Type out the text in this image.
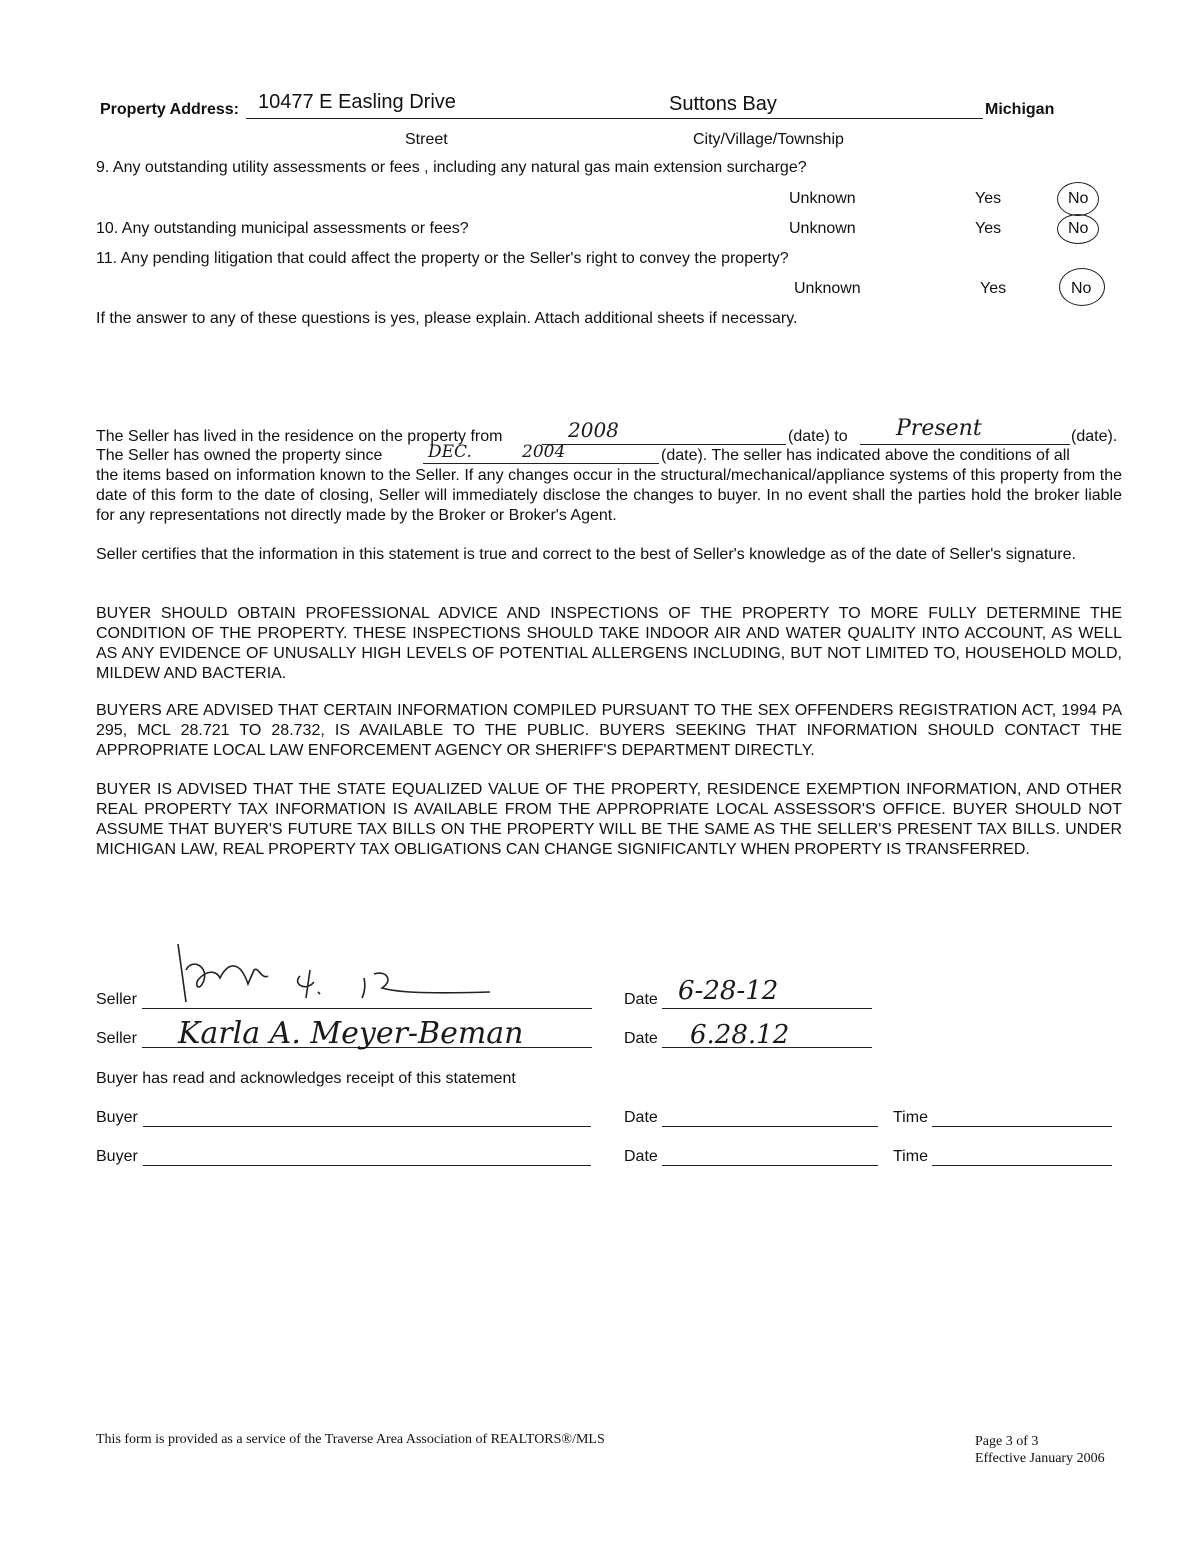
Property Address: 10477 E Easling Drive	Suttons Bay	Michigan
Street	City/Village/Township
9. Any outstanding utility assessments or fees , including any natural gas main extension surcharge?
Unknown	Yes	No
10. Any outstanding municipal assessments or fees?	Unknown	Yes	No
11. Any pending litigation that could affect the property or the Seller's right to convey the property?
Unknown	Yes	No
If the answer to any of these questions is yes, please explain. Attach additional sheets if necessary.
The Seller has lived in the residence on the property from	2008	(date) to Present	(date).
The Seller has owned the property since	DEC.	2004	(date). The seller has indicated above the conditions of all
the items based on information known to the Seller. If any changes occur in the structural/mechanical/appliance systems of this property from the date of this form to the date of closing, Seller will immediately disclose the changes to buyer. In no event shall the parties hold the broker liable for any representations not directly made by the Broker or Broker's Agent.
Seller certifies that the information in this statement is true and correct to the best of Seller's knowledge as of the date of Seller's signature.
BUYER SHOULD OBTAIN PROFESSIONAL ADVICE AND INSPECTIONS OF THE PROPERTY TO MORE FULLY DETERMINE THE CONDITION OF THE PROPERTY. THESE INSPECTIONS SHOULD TAKE INDOOR AIR AND WATER QUALITY INTO ACCOUNT, AS WELL AS ANY EVIDENCE OF UNUSALLY HIGH LEVELS OF POTENTIAL ALLERGENS INCLUDING, BUT NOT LIMITED TO, HOUSEHOLD MOLD, MILDEW AND BACTERIA.
BUYERS ARE ADVISED THAT CERTAIN INFORMATION COMPILED PURSUANT TO THE SEX OFFENDERS REGISTRATION ACT, 1994 PA 295, MCL 28.721 TO 28.732, IS AVAILABLE TO THE PUBLIC. BUYERS SEEKING THAT INFORMATION SHOULD CONTACT THE APPROPRIATE LOCAL LAW ENFORCEMENT AGENCY OR SHERIFF'S DEPARTMENT DIRECTLY.
BUYER IS ADVISED THAT THE STATE EQUALIZED VALUE OF THE PROPERTY, RESIDENCE EXEMPTION INFORMATION, AND OTHER REAL PROPERTY TAX INFORMATION IS AVAILABLE FROM THE APPROPRIATE LOCAL ASSESSOR'S OFFICE. BUYER SHOULD NOT ASSUME THAT BUYER'S FUTURE TAX BILLS ON THE PROPERTY WILL BE THE SAME AS THE SELLER'S PRESENT TAX BILLS. UNDER MICHIGAN LAW, REAL PROPERTY TAX OBLIGATIONS CAN CHANGE SIGNIFICANTLY WHEN PROPERTY IS TRANSFERRED.
Seller	Date 6-28-12
Seller Karla A. Meyer-Beman	Date 6.28.12
Buyer has read and acknowledges receipt of this statement
Buyer	Date	Time
Buyer	Date	Time
This form is provided as a service of the Traverse Area Association of REALTORS®/MLS	Page 3 of 3
Effective January 2006
